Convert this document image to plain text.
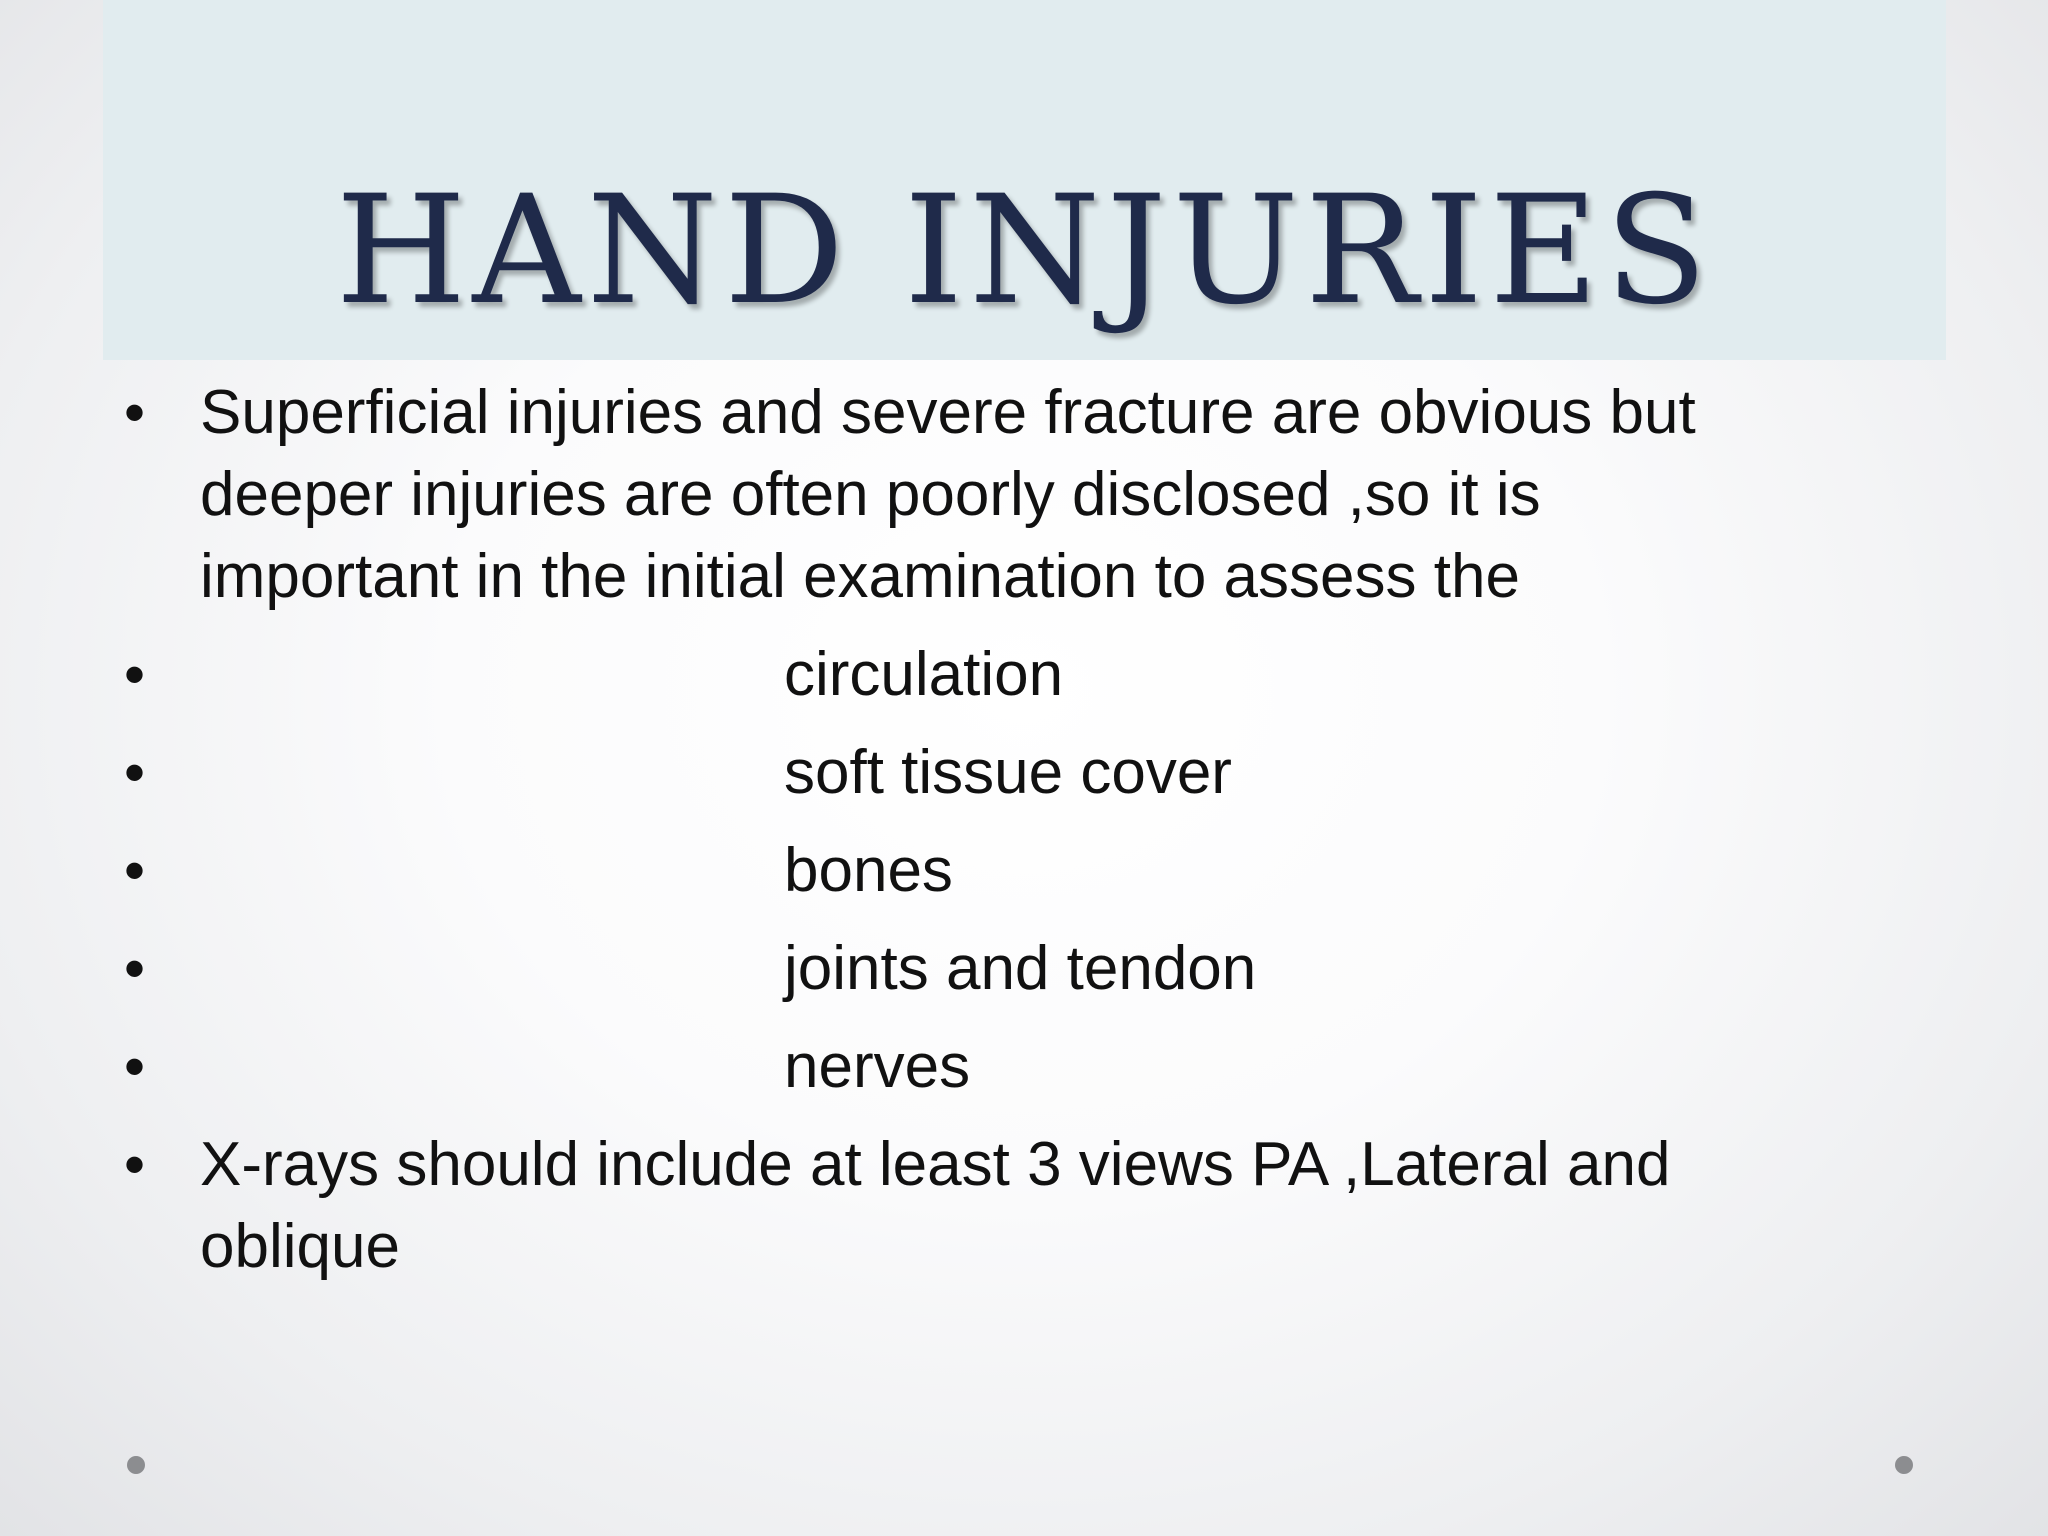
HAND INJURIES
• Superficial injuries and severe fracture are obvious but
deeper injuries are often poorly disclosed ,so it is
important in the initial examination to assess the
•	circulation
•	soft tissue cover
•	bones
•	joints and tendon
•	nerves
• X-rays should include at least 3 views PA ,Lateral and
oblique
